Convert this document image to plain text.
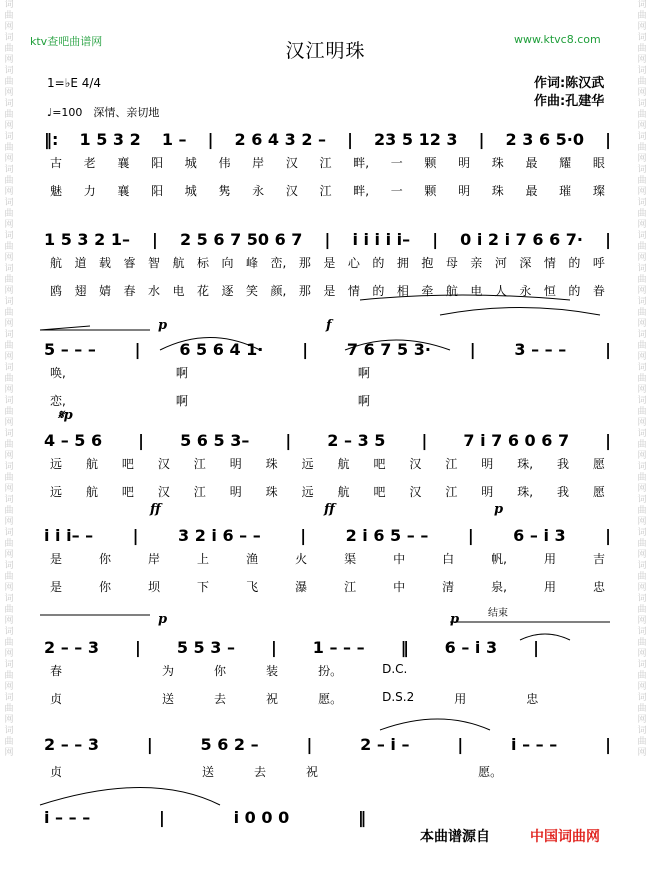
词曲网词曲网词曲网词曲网词曲网词曲网词曲网词曲网词曲网词曲网词曲网词曲网词曲网词曲网词曲网词曲网词曲网词曲网词曲网词曲网词曲网词曲网词曲网
词曲网词曲网词曲网词曲网词曲网词曲网词曲网词曲网词曲网词曲网词曲网词曲网词曲网词曲网词曲网词曲网词曲网词曲网词曲网词曲网词曲网词曲网词曲网
ktv查吧曲谱网	www.ktvc8.com
汉江明珠
作词:陈汉武
作曲:孔建华
1=♭E 4/4
♩=100　深情、亲切地
‖: 1 5 3 2 1 – | 2 6 4 3 2 – | 23 5 12 3 | 2 3 6 5·0 |
古 老 襄 阳 城 伟 岸 汉 江 畔, 一 颗 明 珠 最 耀 眼
魅 力 襄 阳 城 隽 永 汉 江 畔, 一 颗 明 珠 最 璀 璨
1 5 3 2 1– | 2 5 6 7 50 6 7 | i i i i i– | 0 i 2 i 7 6 6 7· |
航 道 载 睿 智 航 标 向 峰 峦, 那 是 心 的 拥 抱 母 亲 河 深 情 的 呼
鸥 翅 婧 春 水 电 花 逐 笑 颜, 那 是 情 的 相 牵 航 电 人 永 恒 的 眷
5 – – – | 6 5 6 4 1· | 7 6 7 5 3· | 3 – – – |
唤,	啊	啊
恋,	啊	啊
4 – 5 6 | 5 6 5 3– | 2 – 3 5 | 7 i 7 6 0 6 7 |
远 航 吧 汉 江 明 珠 远 航 吧 汉 江 明 珠, 我 愿
远 航 吧 汉 江 明 珠 远 航 吧 汉 江 明 珠, 我 愿
i i i– – | 3 2 i 6 – – | 2 i 6 5 – – | 6 – i 3 |
是	你	岸	上	渔	火	渠	中	白	帆,	用	吉
是	你	坝	下	飞	瀑	江	中	清	泉,	用	忠
2 – – 3 | 5 5 3 – | 1 – – – ‖ 6 – i 3 |
春	为	你	装	扮。	D.C.
贞	送	去	祝	愿。	D.S.2	用	忠
2 – – 3	|	5 6 2 –	|	2 – i –	|	i – – –	|
贞	送	去	祝	愿。
i – – –	|	i 0 0 0	‖
p	f
𝄋p
ff	ff	p
p	p	结束
本曲谱源自	中国词曲网
